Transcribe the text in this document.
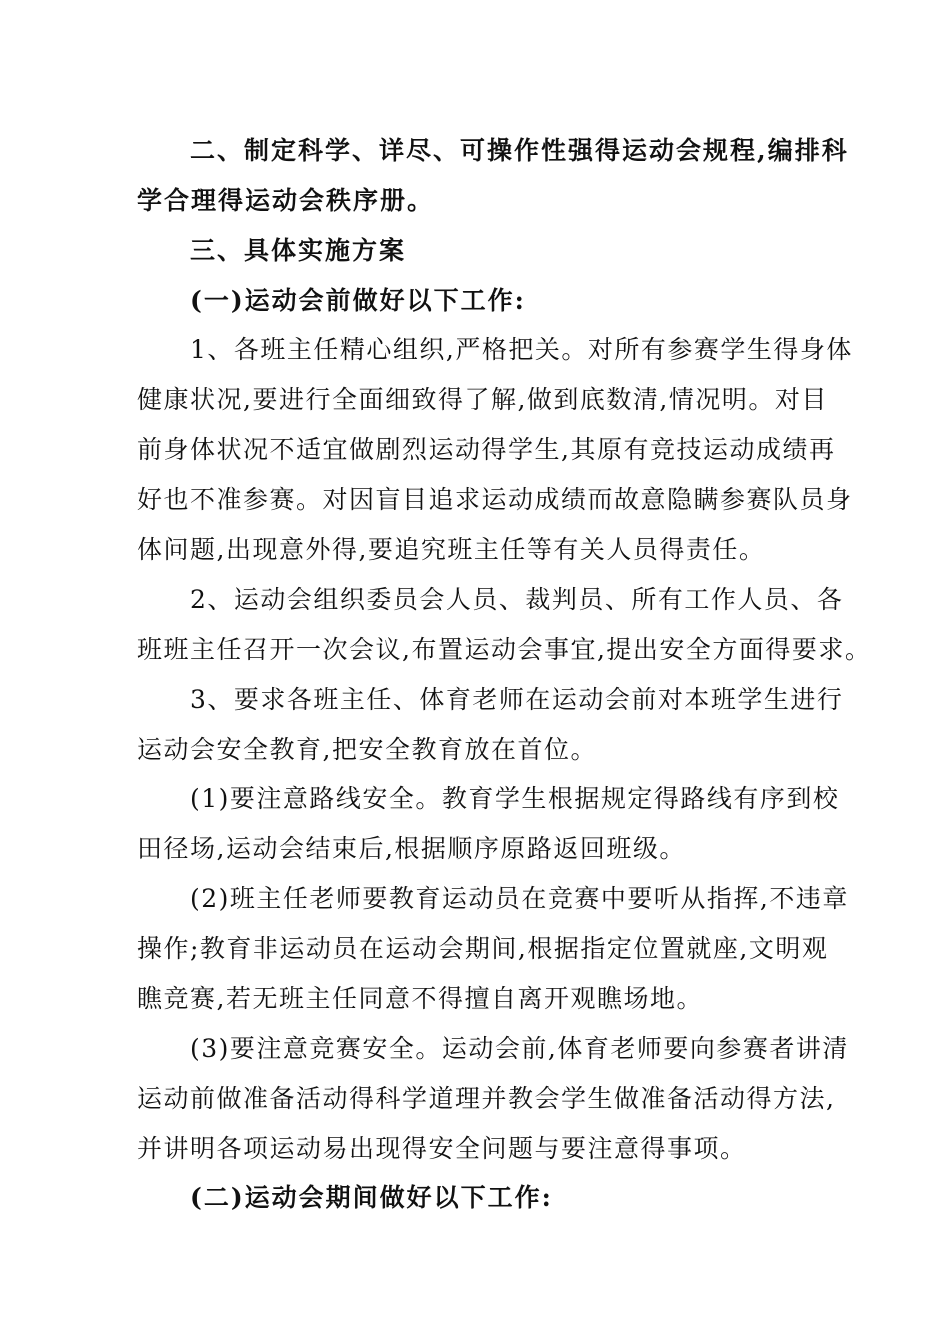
二、制定科学、详尽、可操作性强得运动会规程,编排科
学合理得运动会秩序册。
三、具体实施方案
(一)运动会前做好以下工作:
1、各班主任精心组织,严格把关。对所有参赛学生得身体
健康状况,要进行全面细致得了解,做到底数清,情况明。对目
前身体状况不适宜做剧烈运动得学生,其原有竞技运动成绩再
好也不准参赛。对因盲目追求运动成绩而故意隐瞒参赛队员身
体问题,出现意外得,要追究班主任等有关人员得责任。
2、运动会组织委员会人员、裁判员、所有工作人员、各
班班主任召开一次会议,布置运动会事宜,提出安全方面得要求。
3、要求各班主任、体育老师在运动会前对本班学生进行
运动会安全教育,把安全教育放在首位。
(1)要注意路线安全。教育学生根据规定得路线有序到校
田径场,运动会结束后,根据顺序原路返回班级。
(2)班主任老师要教育运动员在竞赛中要听从指挥,不违章
操作;教育非运动员在运动会期间,根据指定位置就座,文明观
瞧竞赛,若无班主任同意不得擅自离开观瞧场地。
(3)要注意竞赛安全。运动会前,体育老师要向参赛者讲清
运动前做准备活动得科学道理并教会学生做准备活动得方法,
并讲明各项运动易出现得安全问题与要注意得事项。
(二)运动会期间做好以下工作:
